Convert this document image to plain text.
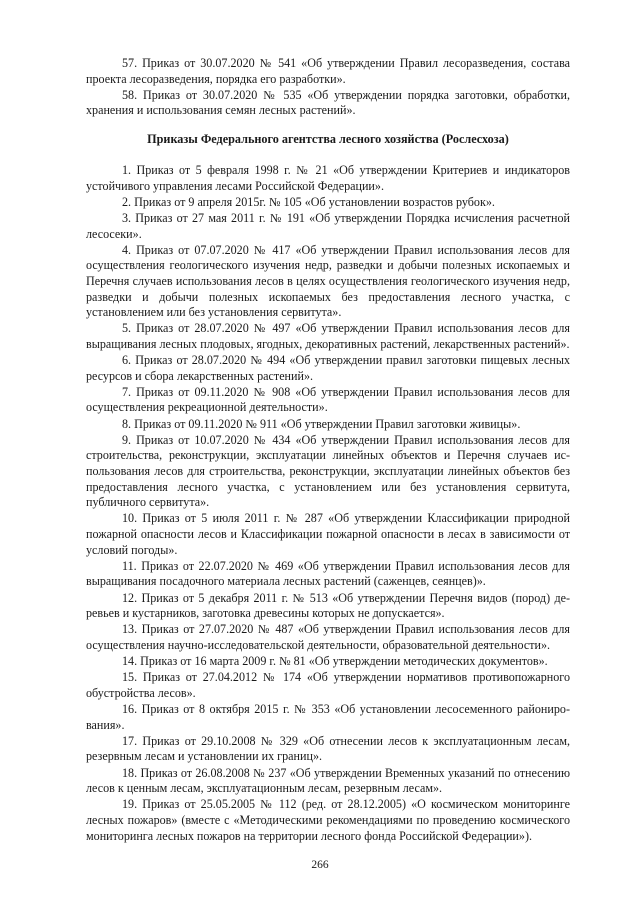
57. Приказ от 30.07.2020 № 541 «Об утверждении Правил лесоразведения, состава проекта лесоразведения, порядка его разработки».

58. Приказ от 30.07.2020 № 535 «Об утверждении порядка заготовки, обработки, хранения и использования семян лесных растений».

Приказы Федерального агентства лесного хозяйства (Рослесхоза)

1. Приказ от 5 февраля 1998 г. № 21 «Об утверждении Критериев и индикаторов устойчивого управления лесами Российской Федерации».

2. Приказ от 9 апреля 2015г. № 105 «Об установлении возрастов рубок».

3. Приказ от 27 мая 2011 г. № 191 «Об утверждении Порядка исчисления расчетной лесосеки».

4. Приказ от 07.07.2020 № 417 «Об утверждении Правил использования лесов для осуществления геологического изучения недр, разведки и добычи полезных ископаемых и Перечня случаев использования лесов в целях осуществления геологического изучения недр, разведки и добычи полезных ископаемых без предоставления лесного участка, с установлением или без установления сервитута».

5. Приказ от 28.07.2020 № 497 «Об утверждении Правил использования лесов для выращивания лесных плодовых, ягодных, декоративных растений, лекарственных растений».

6. Приказ от 28.07.2020 № 494 «Об утверждении правил заготовки пищевых лесных ресурсов и сбора лекарственных растений».

7. Приказ от 09.11.2020 № 908 «Об утверждении Правил использования лесов для осуществления рекреационной деятельности».

8. Приказ от 09.11.2020 № 911 «Об утверждении Правил заготовки живицы».

9. Приказ от 10.07.2020 № 434 «Об утверждении Правил использования лесов для строительства, реконструкции, эксплуатации линейных объектов и Перечня случаев использования лесов для строительства, реконструкции, эксплуатации линейных объектов без предоставления лесного участка, с установлением или без установления сервитута, публичного сервитута».

10. Приказ от 5 июля 2011 г. № 287 «Об утверждении Классификации природной пожарной опасности лесов и Классификации пожарной опасности в лесах в зависимости от условий погоды».

11. Приказ от 22.07.2020 № 469 «Об утверждении Правил использования лесов для выращивания посадочного материала лесных растений (саженцев, сеянцев)».

12. Приказ от 5 декабря 2011 г. № 513 «Об утверждении Перечня видов (пород) деревьев и кустарников, заготовка древесины которых не допускается».

13. Приказ от 27.07.2020 № 487 «Об утверждении Правил использования лесов для осуществления научно-исследовательской деятельности, образовательной деятельности».

14. Приказ от 16 марта 2009 г. № 81 «Об утверждении методических документов».

15. Приказ от 27.04.2012 № 174 «Об утверждении нормативов противопожарного обустройства лесов».

16. Приказ от 8 октября 2015 г. № 353 «Об установлении лесосеменного районирования».

17. Приказ от 29.10.2008 № 329 «Об отнесении лесов к эксплуатационным лесам, резервным лесам и установлении их границ».

18. Приказ от 26.08.2008 № 237 «Об утверждении Временных указаний по отнесению лесов к ценным лесам, эксплуатационным лесам, резервным лесам».

19. Приказ от 25.05.2005 № 112 (ред. от 28.12.2005) «О космическом мониторинге лесных пожаров» (вместе с «Методическими рекомендациями по проведению космического мониторинга лесных пожаров на территории лесного фонда Российской Федерации»).

266
